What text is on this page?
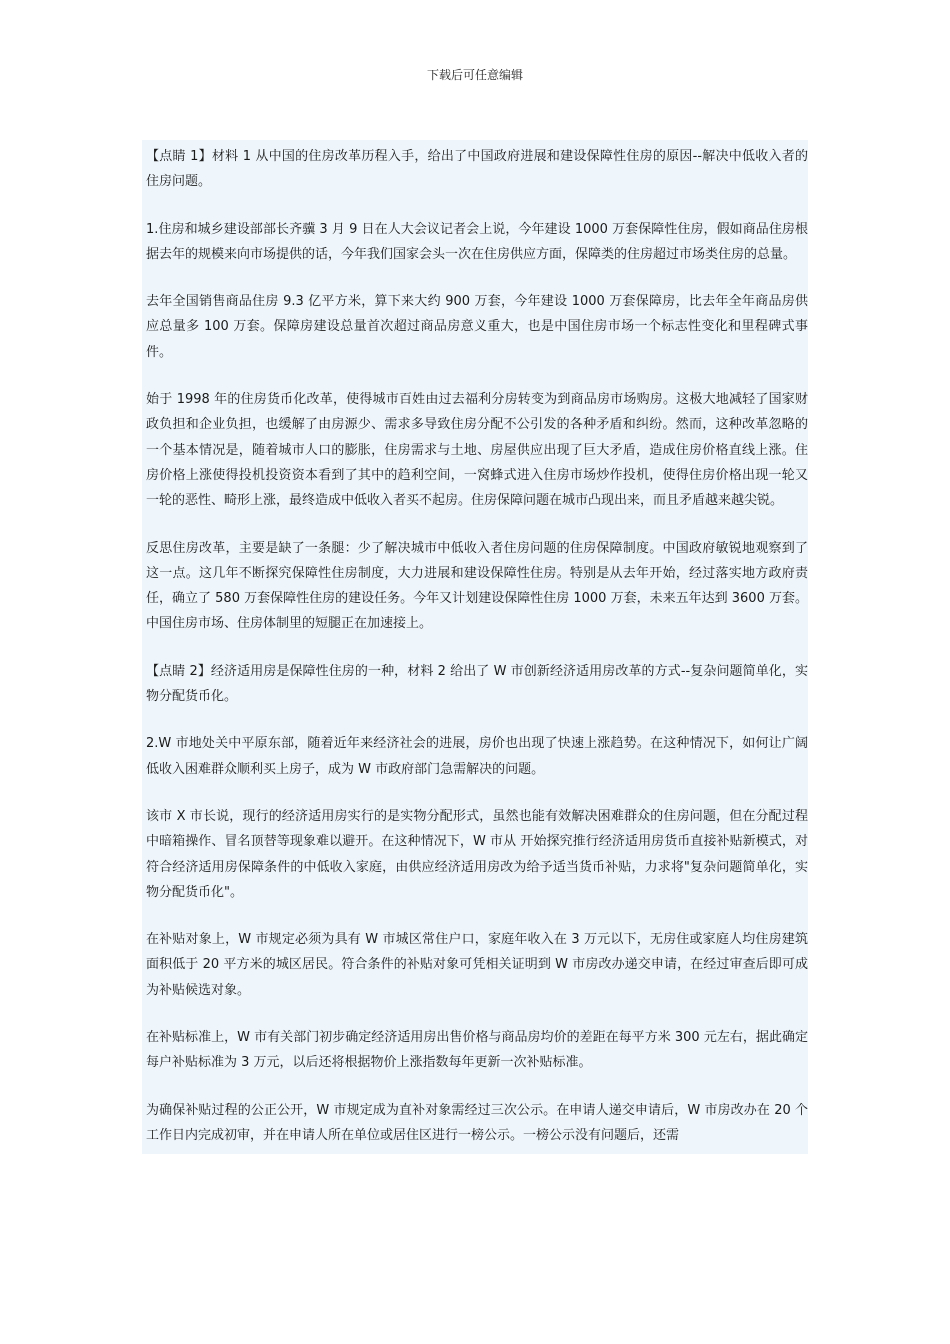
下载后可任意编辑

【点睛 1】材料 1 从中国的住房改革历程入手，给出了中国政府进展和建设保障性住房的原因--解决中低收入者的住房问题。

1.住房和城乡建设部部长齐骥 3 月 9 日在人大会议记者会上说，今年建设 1000 万套保障性住房，假如商品住房根据去年的规模来向市场提供的话，今年我们国家会头一次在住房供应方面，保障类的住房超过市场类住房的总量。

去年全国销售商品住房 9.3 亿平方米，算下来大约 900 万套，今年建设 1000 万套保障房，比去年全年商品房供应总量多 100 万套。保障房建设总量首次超过商品房意义重大，也是中国住房市场一个标志性变化和里程碑式事件。

始于 1998 年的住房货币化改革，使得城市百姓由过去福利分房转变为到商品房市场购房。这极大地减轻了国家财政负担和企业负担，也缓解了由房源少、需求多导致住房分配不公引发的各种矛盾和纠纷。然而，这种改革忽略的一个基本情况是，随着城市人口的膨胀，住房需求与土地、房屋供应出现了巨大矛盾，造成住房价格直线上涨。住房价格上涨使得投机投资资本看到了其中的趋利空间，一窝蜂式进入住房市场炒作投机，使得住房价格出现一轮又一轮的恶性、畸形上涨，最终造成中低收入者买不起房。住房保障问题在城市凸现出来，而且矛盾越来越尖锐。

反思住房改革，主要是缺了一条腿：少了解决城市中低收入者住房问题的住房保障制度。中国政府敏锐地观察到了这一点。这几年不断探究保障性住房制度，大力进展和建设保障性住房。特别是从去年开始，经过落实地方政府责任，确立了 580 万套保障性住房的建设任务。今年又计划建设保障性住房 1000 万套，未来五年达到 3600 万套。中国住房市场、住房体制里的短腿正在加速接上。

【点睛 2】经济适用房是保障性住房的一种，材料 2 给出了 W 市创新经济适用房改革的方式--复杂问题简单化，实物分配货币化。

2.W 市地处关中平原东部，随着近年来经济社会的进展，房价也出现了快速上涨趋势。在这种情况下，如何让广阔低收入困难群众顺利买上房子，成为 W 市政府部门急需解决的问题。

该市 X 市长说，现行的经济适用房实行的是实物分配形式，虽然也能有效解决困难群众的住房问题，但在分配过程中暗箱操作、冒名顶替等现象难以避开。在这种情况下，W 市从 开始探究推行经济适用房货币直接补贴新模式，对符合经济适用房保障条件的中低收入家庭，由供应经济适用房改为给予适当货币补贴，力求将"复杂问题简单化，实物分配货币化"。

在补贴对象上，W 市规定必须为具有 W 市城区常住户口，家庭年收入在 3 万元以下，无房住或家庭人均住房建筑面积低于 20 平方米的城区居民。符合条件的补贴对象可凭相关证明到 W 市房改办递交申请，在经过审查后即可成为补贴候选对象。

在补贴标准上，W 市有关部门初步确定经济适用房出售价格与商品房均价的差距在每平方米 300 元左右，据此确定 每户补贴标准为 3 万元，以后还将根据物价上涨指数每年更新一次补贴标准。

为确保补贴过程的公正公开，W 市规定成为直补对象需经过三次公示。在申请人递交申请后，W 市房改办在 20 个工作日内完成初审，并在申请人所在单位或居住区进行一榜公示。一榜公示没有问题后，还需
